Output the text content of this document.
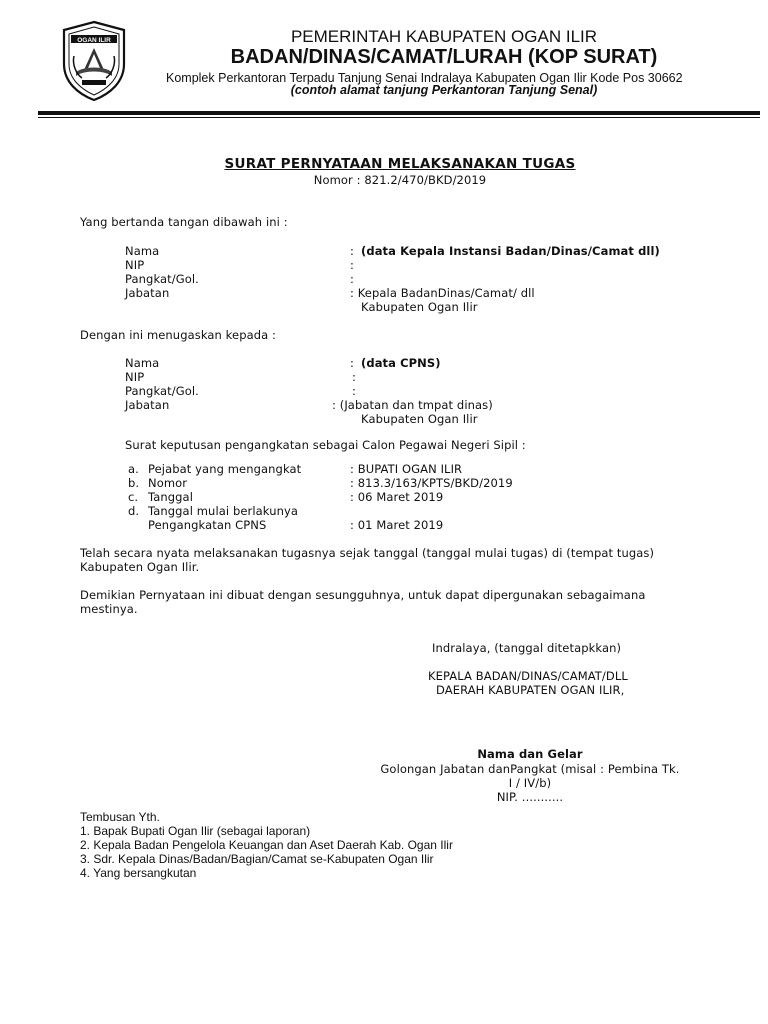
OGAN ILIR	PEMERINTAH KABUPATEN OGAN ILIR
BADAN/DINAS/CAMAT/LURAH (KOP SURAT)
Komplek Perkantoran Terpadu Tanjung Senai Indralaya Kabupaten Ogan Ilir Kode Pos 30662
(contoh alamat tanjung Perkantoran Tanjung Senal)
SURAT PERNYATAAN MELAKSANAKAN TUGAS
Nomor : 821.2/470/BKD/2019
Yang bertanda tangan dibawah ini :
Nama	: (data Kepala Instansi Badan/Dinas/Camat dll)
NIP	:
Pangkat/Gol.	:
Jabatan	: Kepala BadanDinas/Camat/ dll
Kabupaten Ogan Ilir
Dengan ini menugaskan kepada :
Nama	: (data CPNS)
NIP	:
Pangkat/Gol.	:
Jabatan	: (Jabatan dan tmpat dinas)
Kabupaten Ogan Ilir
Surat keputusan pengangkatan sebagai Calon Pegawai Negeri Sipil :
a. Pejabat yang mengangkat	: BUPATI OGAN ILIR
b. Nomor	: 813.3/163/KPTS/BKD/2019
c. Tanggal	: 06 Maret 2019
d. Tanggal mulai berlakunya
Pengangkatan CPNS	: 01 Maret 2019
Telah secara nyata melaksanakan tugasnya sejak tanggal (tanggal mulai tugas) di (tempat tugas)
Kabupaten Ogan Ilir.
Demikian Pernyataan ini dibuat dengan sesungguhnya, untuk dapat dipergunakan sebagaimana
mestinya.
Indralaya, (tanggal ditetapkkan)
KEPALA BADAN/DINAS/CAMAT/DLL
DAERAH KABUPATEN OGAN ILIR,
Nama dan Gelar
Golongan Jabatan danPangkat (misal : Pembina Tk.
I / IV/b)
NIP. ...........
Tembusan Yth.
1. Bapak Bupati Ogan Ilir (sebagai laporan)
2. Kepala Badan Pengelola Keuangan dan Aset Daerah Kab. Ogan Ilir
3. Sdr. Kepala Dinas/Badan/Bagian/Camat se-Kabupaten Ogan Ilir
4. Yang bersangkutan
